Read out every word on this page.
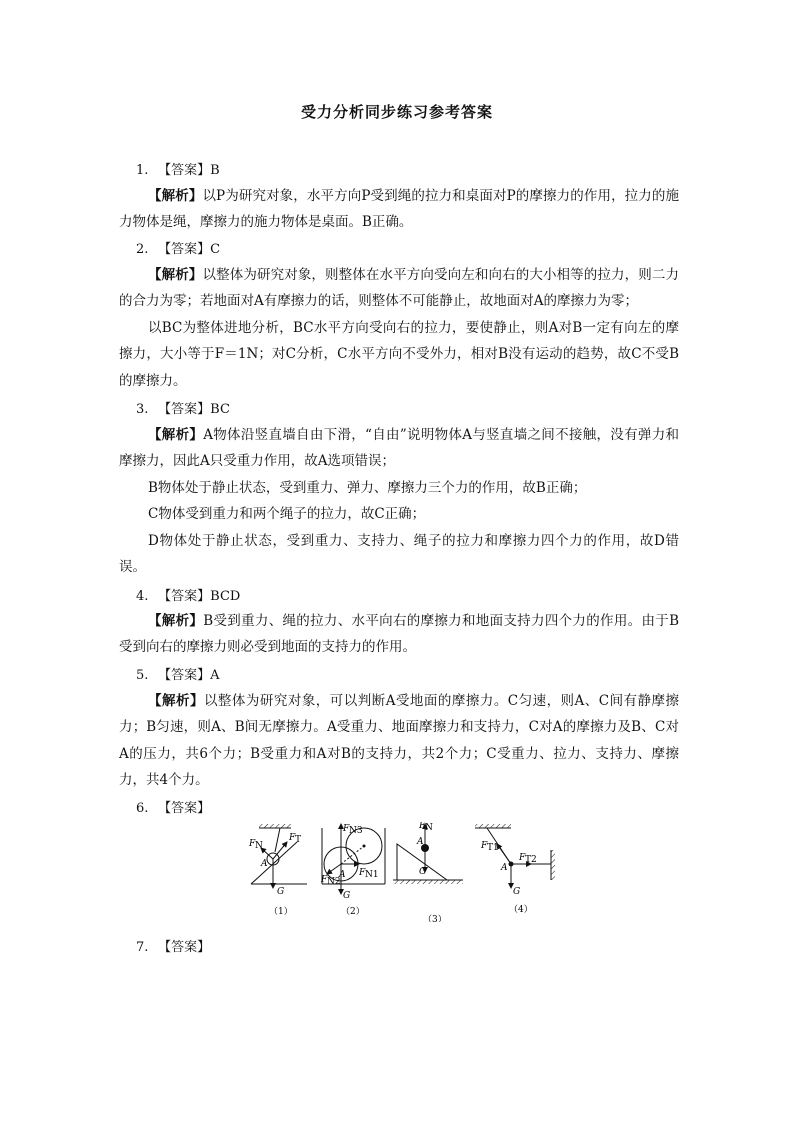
受力分析同步练习参考答案
1. 【答案】B

【解析】以P为研究对象，水平方向P受到绳的拉力和桌面对P的摩擦力的作用，拉力的施力物体是绳，摩擦力的施力物体是桌面。B正确。

2. 【答案】C

【解析】以整体为研究对象，则整体在水平方向受向左和向右的大小相等的拉力，则二力的合力为零；若地面对A有摩擦力的话，则整体不可能静止，故地面对A的摩擦力为零；

以BC为整体进地分析，BC水平方向受向右的拉力，要使静止，则A对B一定有向左的摩擦力，大小等于F＝1N；对C分析，C水平方向不受外力，相对B没有运动的趋势，故C不受B的摩擦力。

3. 【答案】BC

【解析】A物体沿竖直墙自由下滑，“自由”说明物体A与竖直墙之间不接触，没有弹力和摩擦力，因此A只受重力作用，故A选项错误；

B物体处于静止状态，受到重力、弹力、摩擦力三个力的作用，故B正确；

C物体受到重力和两个绳子的拉力，故C正确；

D物体处于静止状态，受到重力、支持力、绳子的拉力和摩擦力四个力的作用，故D错误。

4. 【答案】BCD

【解析】B受到重力、绳的拉力、水平向右的摩擦力和地面支持力四个力的作用。由于B受到向右的摩擦力则必受到地面的支持力的作用。

5. 【答案】A

【解析】以整体为研究对象，可以判断A受地面的摩擦力。C匀速，则A、C间有静摩擦力；B匀速，则A、B间无摩擦力。A受重力、地面摩擦力和支持力，C对A的摩擦力及B、C对A的压力，共6个力；B受重力和A对B的支持力，共2个力；C受重力、拉力、支持力、摩擦力，共4个力。

6. 【答案】
F N
F T
A
G
（1）
F N3
F N2
F N1
A
G
（2）
F N
A
G
（3）
F T1
F T2
A
G
（4）
7. 【答案】
